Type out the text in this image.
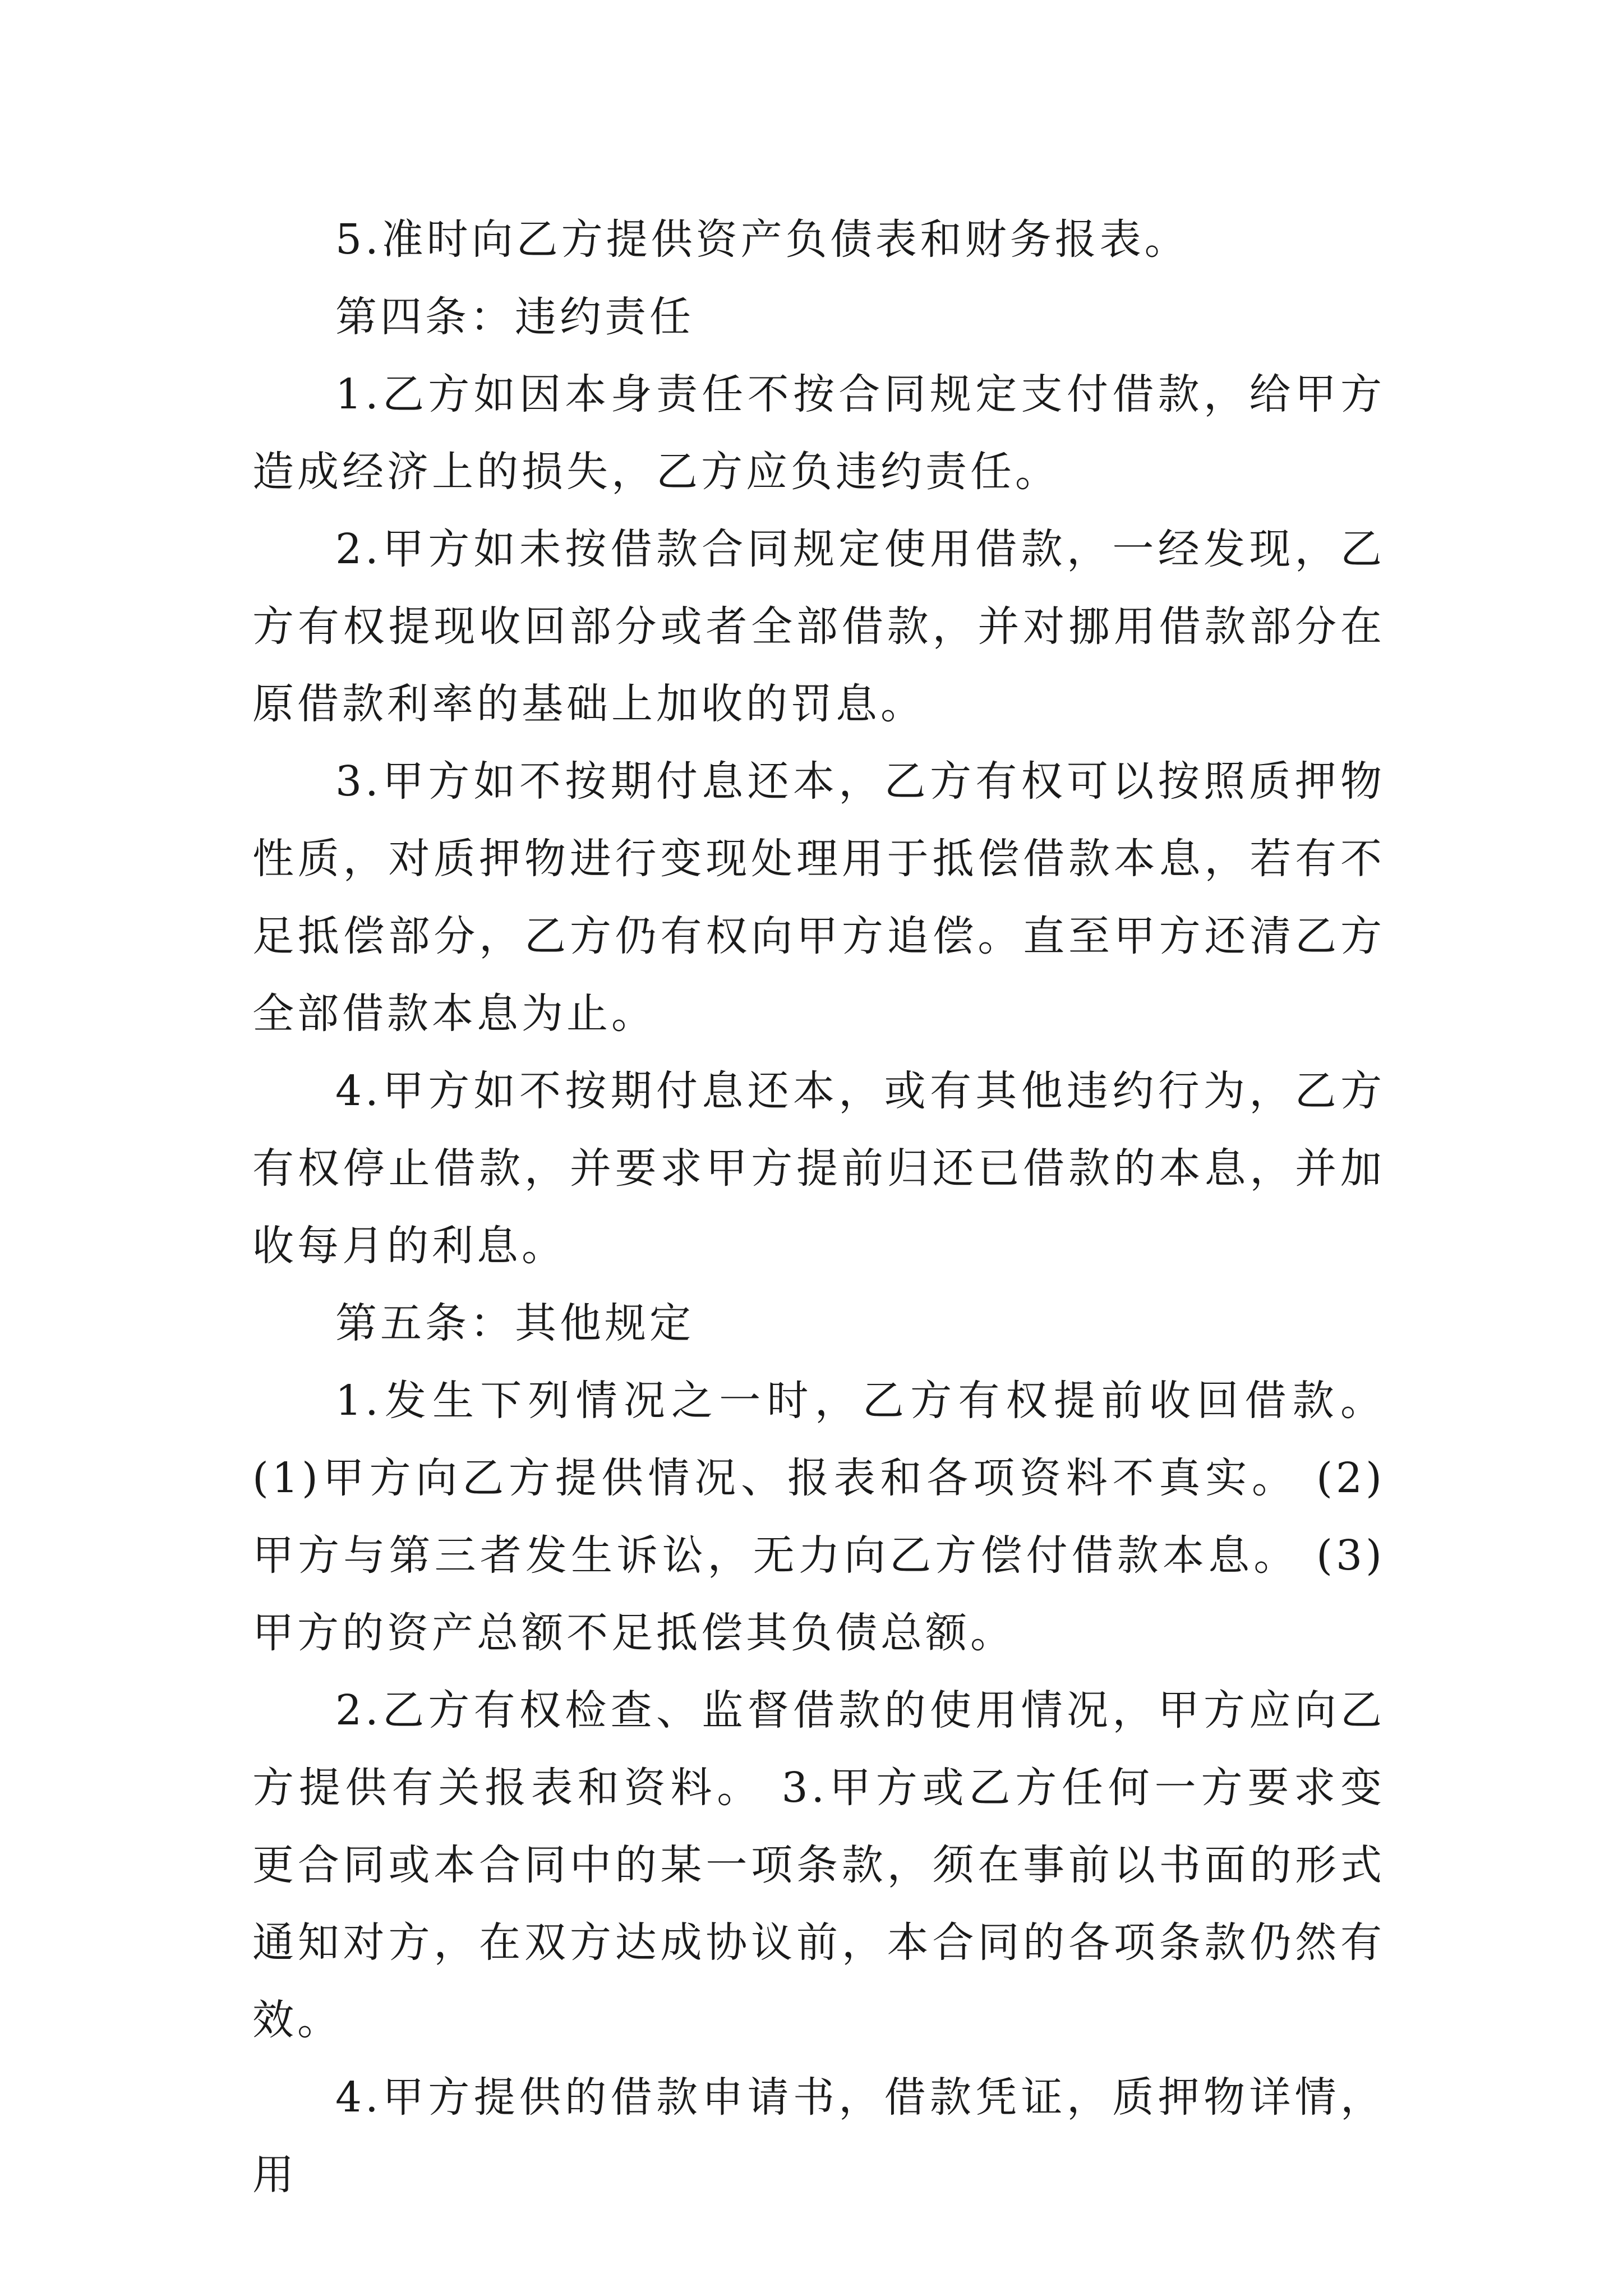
5.准时向乙方提供资产负债表和财务报表。

第四条：违约责任

1.乙方如因本身责任不按合同规定支付借款，给甲方造成经济上的损失，乙方应负违约责任。

2.甲方如未按借款合同规定使用借款，一经发现，乙方有权提现收回部分或者全部借款，并对挪用借款部分在原借款利率的基础上加收的罚息。

3.甲方如不按期付息还本，乙方有权可以按照质押物性质，对质押物进行变现处理用于抵偿借款本息，若有不足抵偿部分，乙方仍有权向甲方追偿。直至甲方还清乙方全部借款本息为止。

4.甲方如不按期付息还本，或有其他违约行为，乙方有权停止借款，并要求甲方提前归还已借款的本息，并加收每月的利息。

第五条：其他规定

1.发生下列情况之一时，乙方有权提前收回借款。 (1)甲方向乙方提供情况、报表和各项资料不真实。 (2)甲方与第三者发生诉讼，无力向乙方偿付借款本息。 (3)甲方的资产总额不足抵偿其负债总额。

2.乙方有权检查、监督借款的使用情况，甲方应向乙方提供有关报表和资料。 3.甲方或乙方任何一方要求变更合同或本合同中的某一项条款，须在事前以书面的形式通知对方，在双方达成协议前，本合同的各项条款仍然有效。

4.甲方提供的借款申请书，借款凭证，质押物详情，用
